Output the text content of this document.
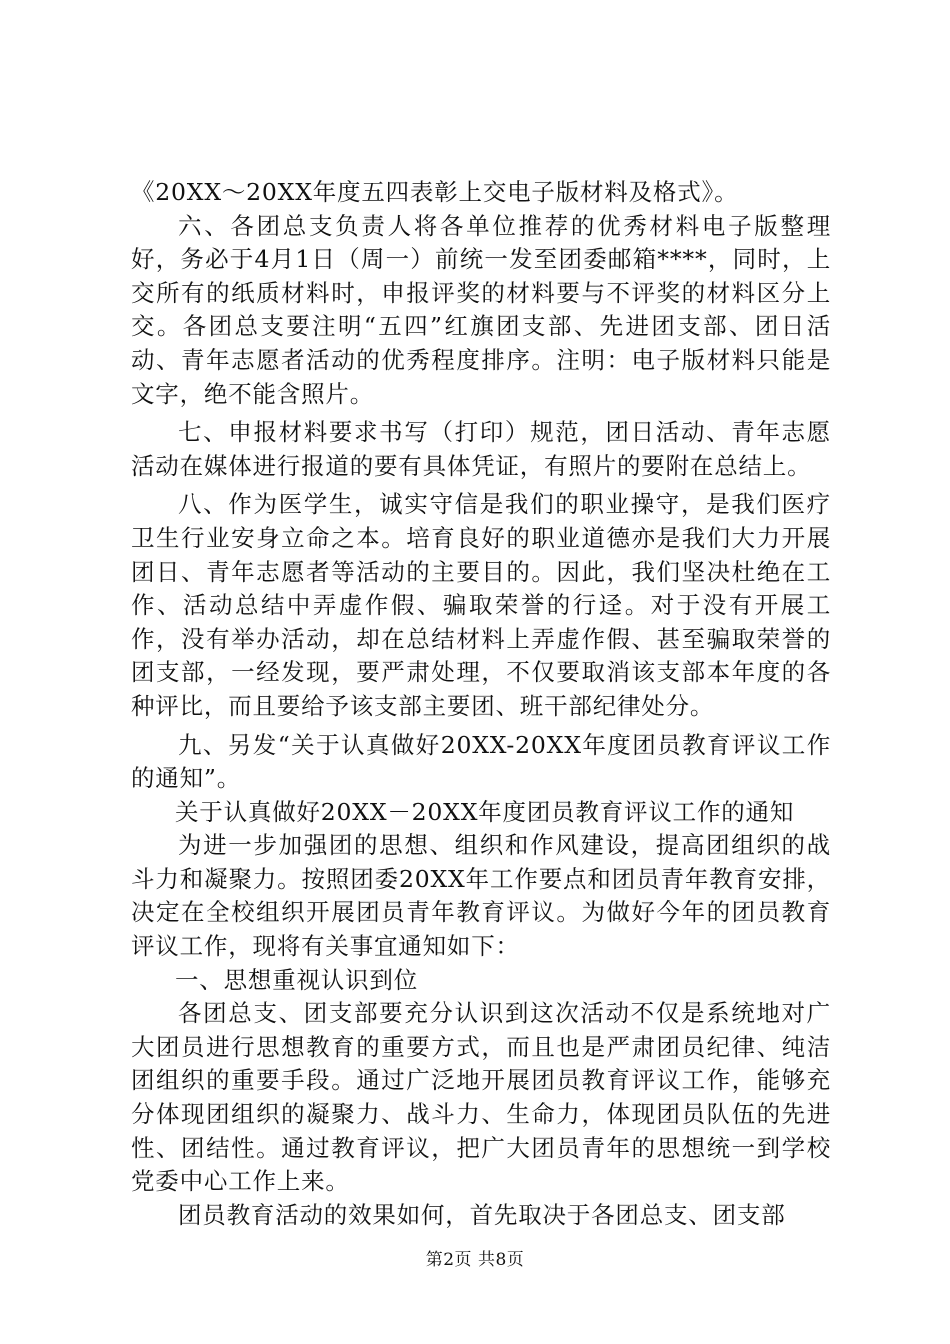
《20XX～20XX年度五四表彰上交电子版材料及格式》。

六、各团总支负责人将各单位推荐的优秀材料电子版整理好，务必于4月1日（周一）前统一发至团委邮箱****，同时，上交所有的纸质材料时，申报评奖的材料要与不评奖的材料区分上交。各团总支要注明“五四”红旗团支部、先进团支部、团日活动、青年志愿者活动的优秀程度排序。注明：电子版材料只能是文字，绝不能含照片。

七、申报材料要求书写（打印）规范，团日活动、青年志愿活动在媒体进行报道的要有具体凭证，有照片的要附在总结上。

八、作为医学生，诚实守信是我们的职业操守，是我们医疗卫生行业安身立命之本。培育良好的职业道德亦是我们大力开展团日、青年志愿者等活动的主要目的。因此，我们坚决杜绝在工作、活动总结中弄虚作假、骗取荣誉的行迳。对于没有开展工作，没有举办活动，却在总结材料上弄虚作假、甚至骗取荣誉的团支部，一经发现，要严肃处理，不仅要取消该支部本年度的各种评比，而且要给予该支部主要团、班干部纪律处分。

九、另发“关于认真做好20XX-20XX年度团员教育评议工作的通知”。

关于认真做好20XX－20XX年度团员教育评议工作的通知

为进一步加强团的思想、组织和作风建设，提高团组织的战斗力和凝聚力。按照团委20XX年工作要点和团员青年教育安排，决定在全校组织开展团员青年教育评议。为做好今年的团员教育评议工作，现将有关事宜通知如下：

一、思想重视认识到位

各团总支、团支部要充分认识到这次活动不仅是系统地对广大团员进行思想教育的重要方式，而且也是严肃团员纪律、纯洁团组织的重要手段。通过广泛地开展团员教育评议工作，能够充分体现团组织的凝聚力、战斗力、生命力，体现团员队伍的先进性、团结性。通过教育评议，把广大团员青年的思想统一到学校党委中心工作上来。

团员教育活动的效果如何，首先取决于各团总支、团支部

第2页 共8页
